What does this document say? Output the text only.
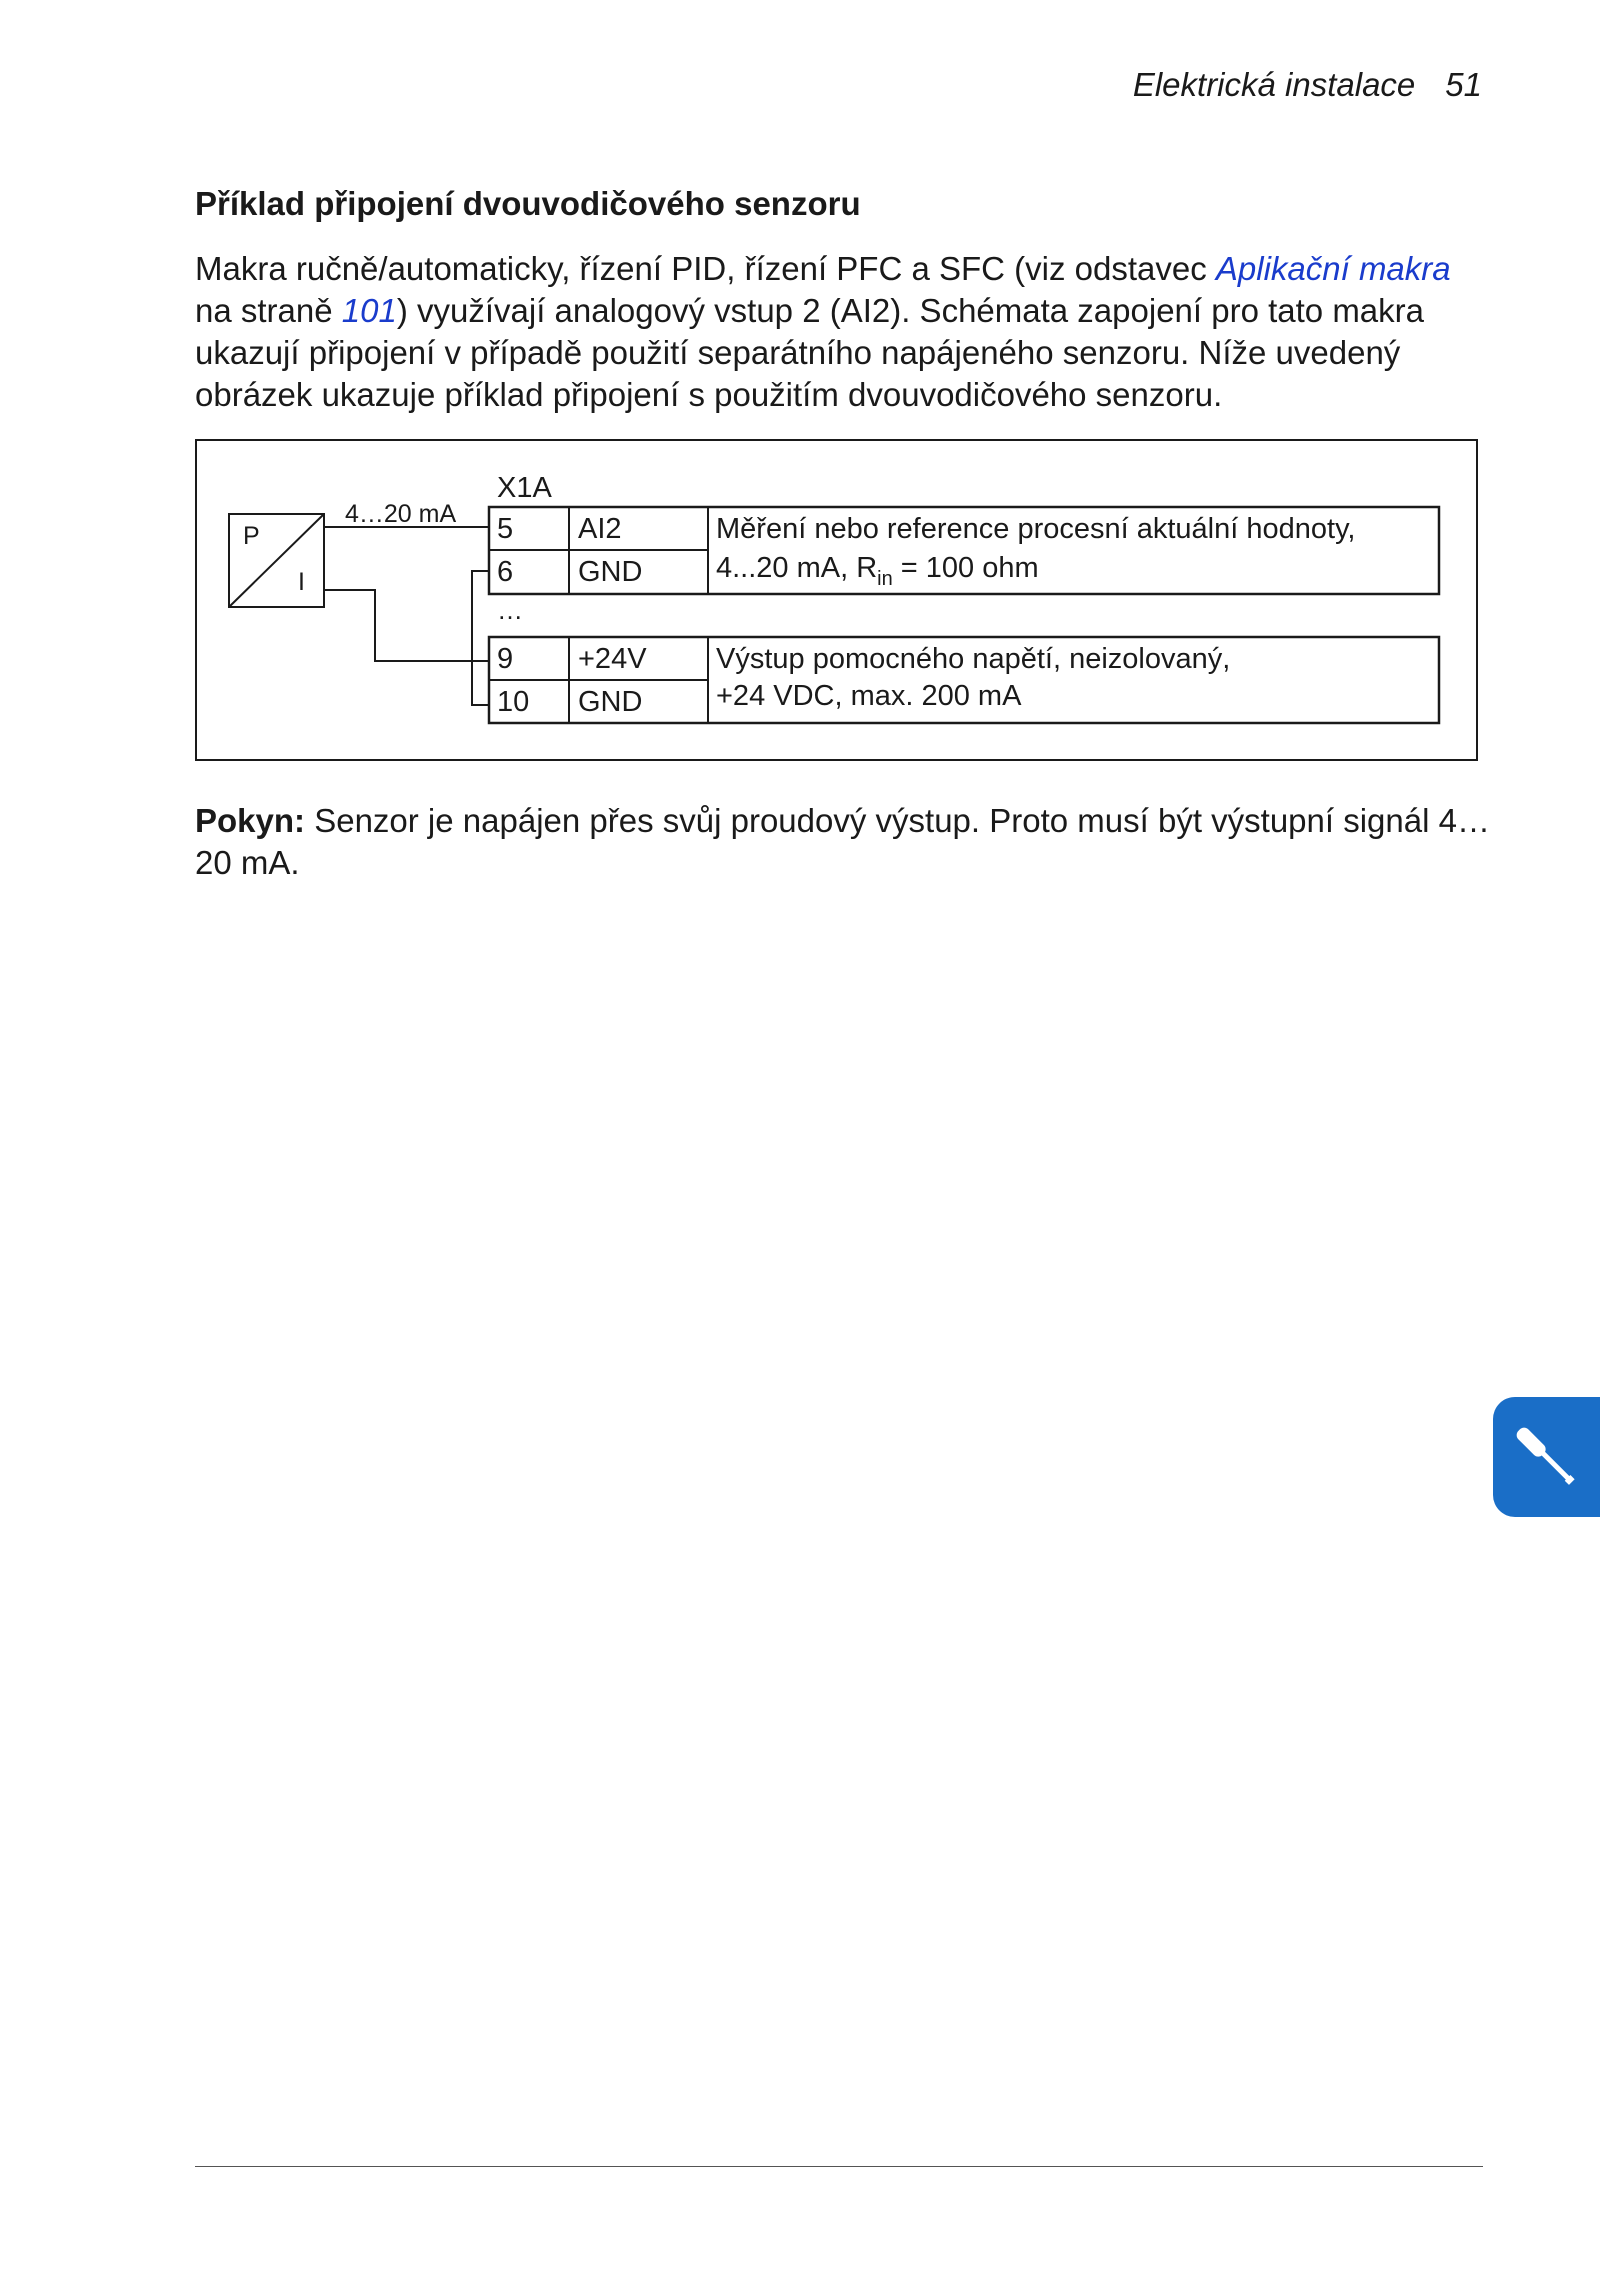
Elektrická instalace 51
Příklad připojení dvouvodičového senzoru

Makra ručně/automaticky, řízení PID, řízení PFC a SFC (viz odstavec Aplikační makra na straně 101) využívají analogový vstup 2 (AI2). Schémata zapojení pro tato makra ukazují připojení v případě použití separátního napájeného senzoru. Níže uvedený obrázek ukazuje příklad připojení s použitím dvouvodičového senzoru.

X1A
P
I
4…20 mA 5 AI2
6 GND
…
9 +24V
10 GND
Měření nebo reference procesní aktuální hodnoty,
4...20 mA, $R_{in} = 100$ ohm
Výstup pomocného napětí, neizolovaný,
+24 VDC, max. 200 mA

Pokyn: Senzor je napájen přes svůj proudový výstup. Proto musí být výstupní signál 4…20 mA.
